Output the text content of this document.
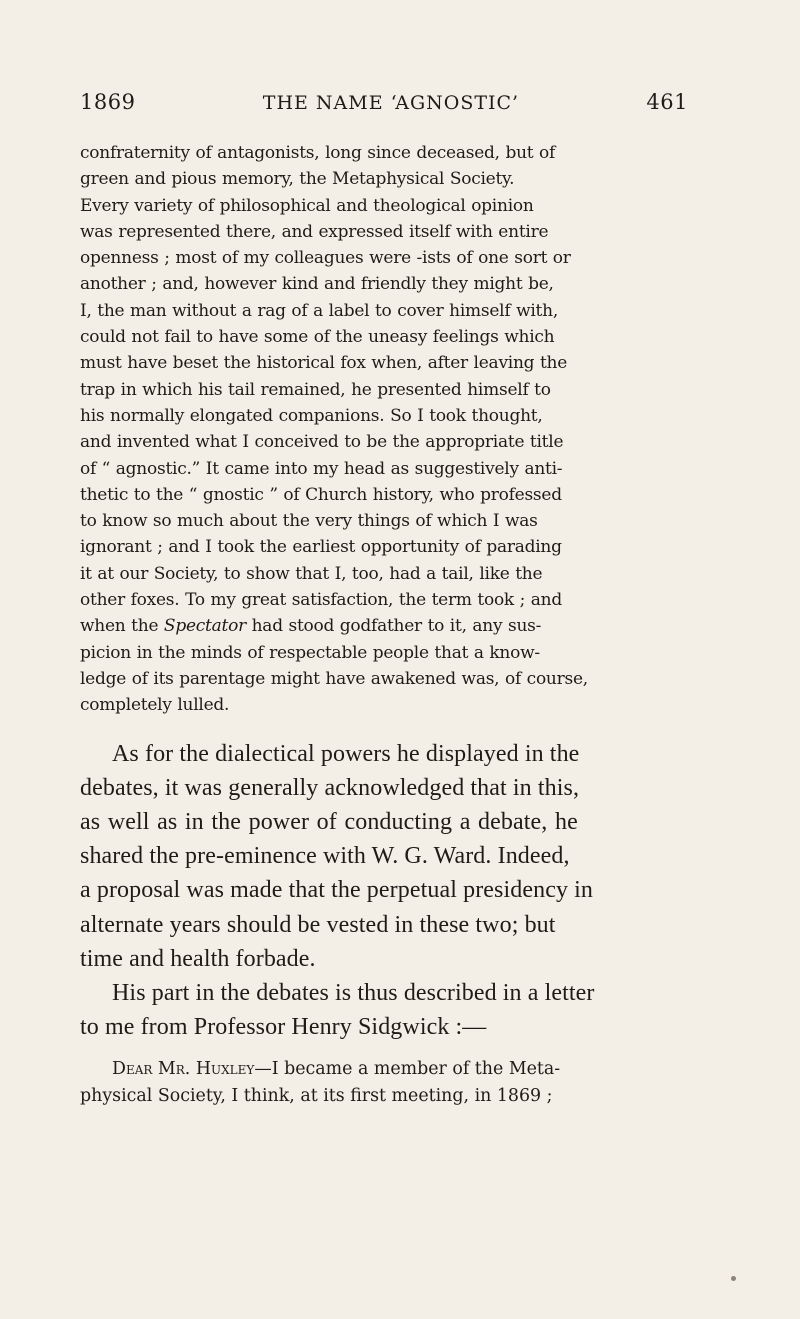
1869	THE NAME ‘AGNOSTIC’	461
confraternity of antagonists, long since deceased, but of
green and pious memory, the Metaphysical Society.
Every variety of philosophical and theological opinion
was represented there, and expressed itself with entire
openness ; most of my colleagues were -ists of one sort or
another ; and, however kind and friendly they might be,
I, the man without a rag of a label to cover himself with,
could not fail to have some of the uneasy feelings which
must have beset the historical fox when, after leaving the
trap in which his tail remained, he presented himself to
his normally elongated companions. So I took thought,
and invented what I conceived to be the appropriate title
of “ agnostic.” It came into my head as suggestively anti-
thetic to the “ gnostic ” of Church history, who professed
to know so much about the very things of which I was
ignorant ; and I took the earliest opportunity of parading
it at our Society, to show that I, too, had a tail, like the
other foxes. To my great satisfaction, the term took ; and
when the Spectator had stood godfather to it, any sus-
picion in the minds of respectable people that a know-
ledge of its parentage might have awakened was, of course,
completely lulled.
As for the dialectical powers he displayed in the
debates, it was generally acknowledged that in this,
as well as in the power of conducting a debate, he
shared the pre-eminence with W. G. Ward. Indeed,
a proposal was made that the perpetual presidency in
alternate years should be vested in these two; but
time and health forbade.
His part in the debates is thus described in a letter
to me from Professor Henry Sidgwick :—
Dear Mr. Huxley—I became a member of the Meta-
physical Society, I think, at its first meeting, in 1869 ;
